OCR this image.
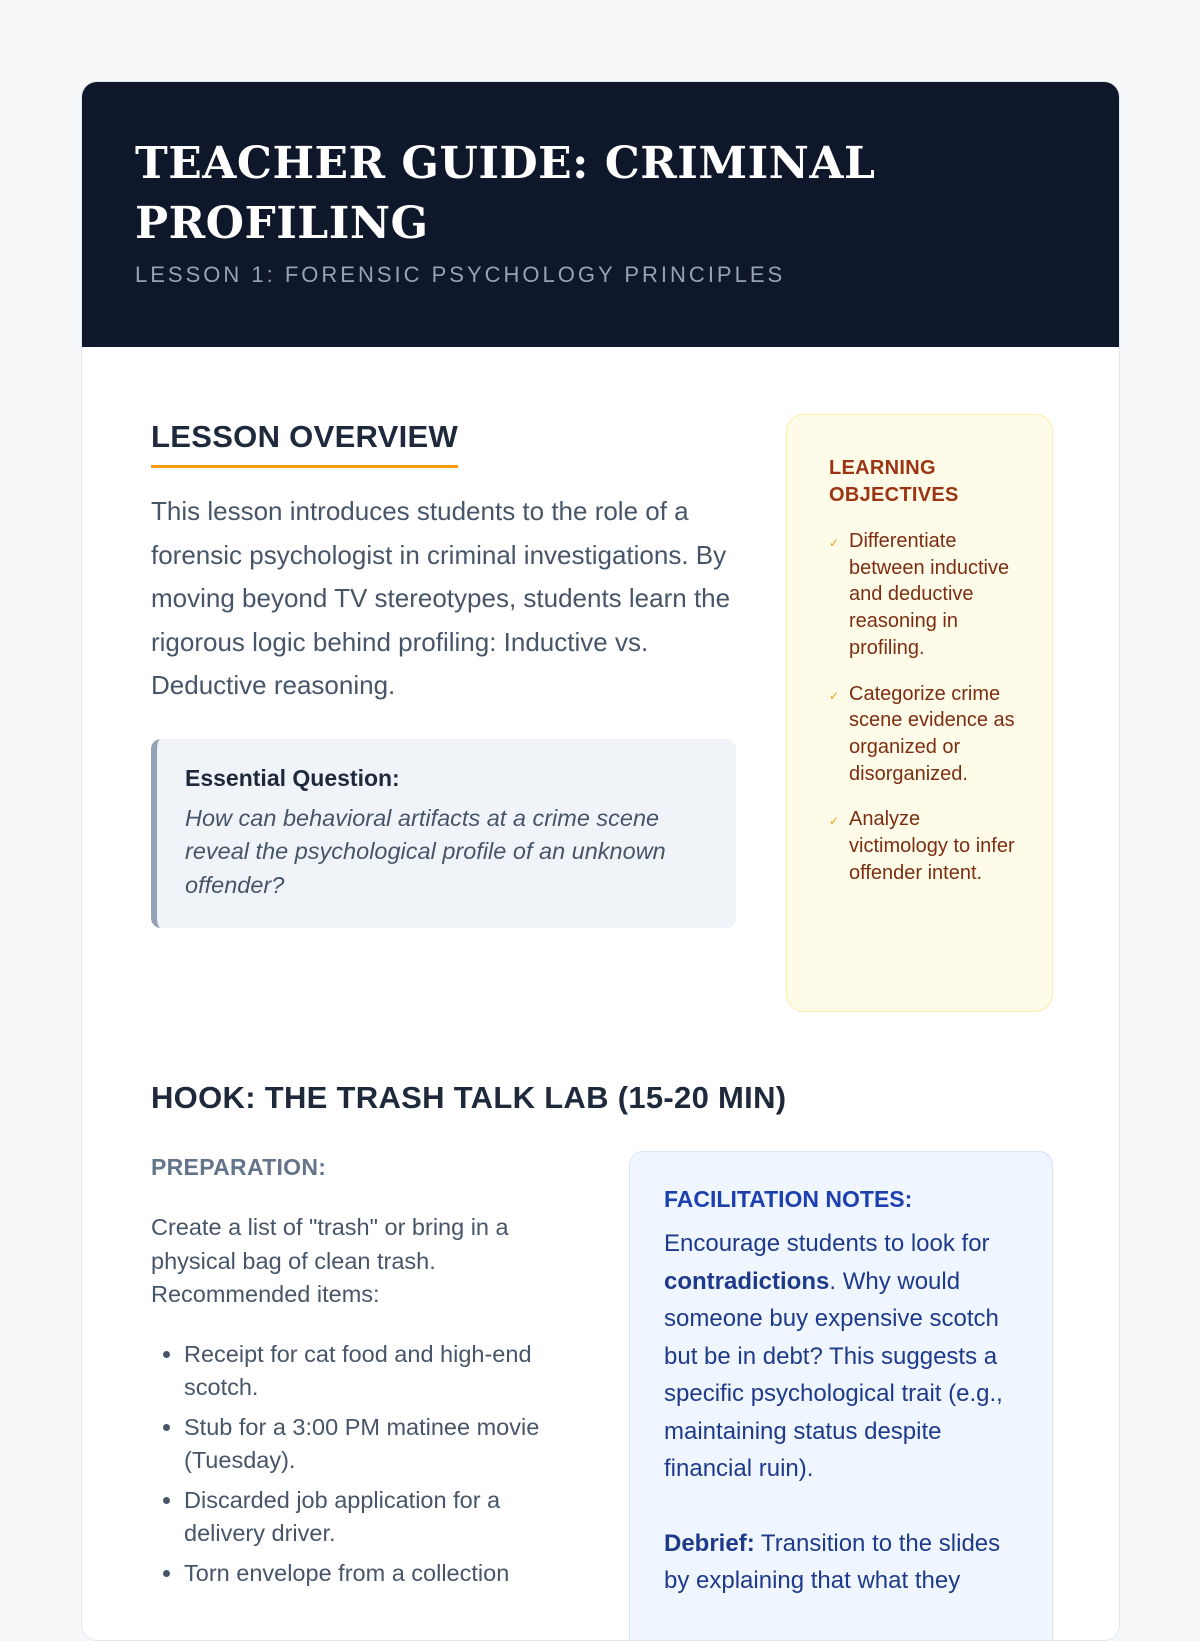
TEACHER GUIDE: CRIMINAL PROFILING
LESSON 1: FORENSIC PSYCHOLOGY PRINCIPLES
LESSON OVERVIEW

This lesson introduces students to the role of a forensic psychologist in criminal investigations. By moving beyond TV stereotypes, students learn the rigorous logic behind profiling: Inductive vs. Deductive reasoning.

Essential Question:
How can behavioral artifacts at a crime scene reveal the psychological profile of an unknown offender?
LEARNING OBJECTIVES
✓ Differentiate between inductive and deductive reasoning in profiling.
✓ Categorize crime scene evidence as organized or disorganized.
✓ Analyze victimology to infer offender intent.
HOOK: THE TRASH TALK LAB (15-20 MIN)
PREPARATION:

Create a list of "trash" or bring in a physical bag of clean trash. Recommended items:

• Receipt for cat food and high-end scotch.
• Stub for a 3:00 PM matinee movie (Tuesday).
• Discarded job application for a delivery driver.
• Torn envelope from a collection
FACILITATION NOTES:

Encourage students to look for contradictions. Why would someone buy expensive scotch but be in debt? This suggests a specific psychological trait (e.g., maintaining status despite financial ruin).

Debrief: Transition to the slides by explaining that what they
